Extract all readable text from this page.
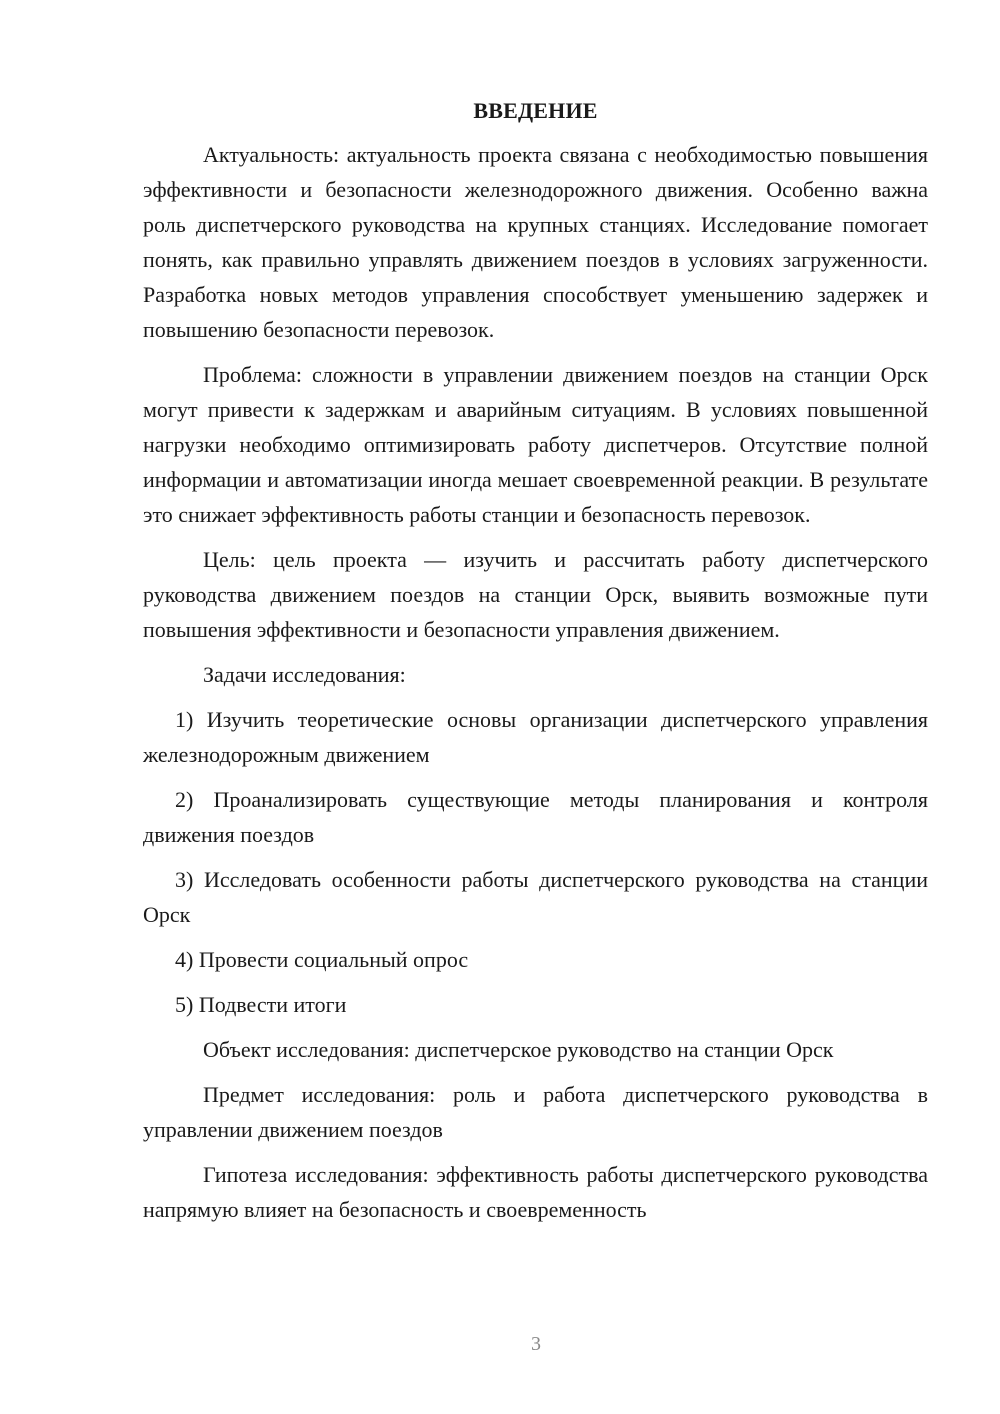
ВВЕДЕНИЕ

Актуальность: актуальность проекта связана с необходимостью повышения эффективности и безопасности железнодорожного движения. Особенно важна роль диспетчерского руководства на крупных станциях. Исследование помогает понять, как правильно управлять движением поездов в условиях загруженности. Разработка новых методов управления способствует уменьшению задержек и повышению безопасности перевозок.

Проблема: сложности в управлении движением поездов на станции Орск могут привести к задержкам и аварийным ситуациям. В условиях повышенной нагрузки необходимо оптимизировать работу диспетчеров. Отсутствие полной информации и автоматизации иногда мешает своевременной реакции. В результате это снижает эффективность работы станции и безопасность перевозок.

Цель: цель проекта — изучить и рассчитать работу диспетчерского руководства движением поездов на станции Орск, выявить возможные пути повышения эффективности и безопасности управления движением.

Задачи исследования:

1) Изучить теоретические основы организации диспетчерского управления железнодорожным движением

2) Проанализировать существующие методы планирования и контроля движения поездов

3) Исследовать особенности работы диспетчерского руководства на станции Орск

4) Провести социальный опрос

5) Подвести итоги

Объект исследования: диспетчерское руководство на станции Орск

Предмет исследования: роль и работа диспетчерского руководства в управлении движением поездов

Гипотеза исследования: эффективность работы диспетчерского руководства напрямую влияет на безопасность и своевременность

3
